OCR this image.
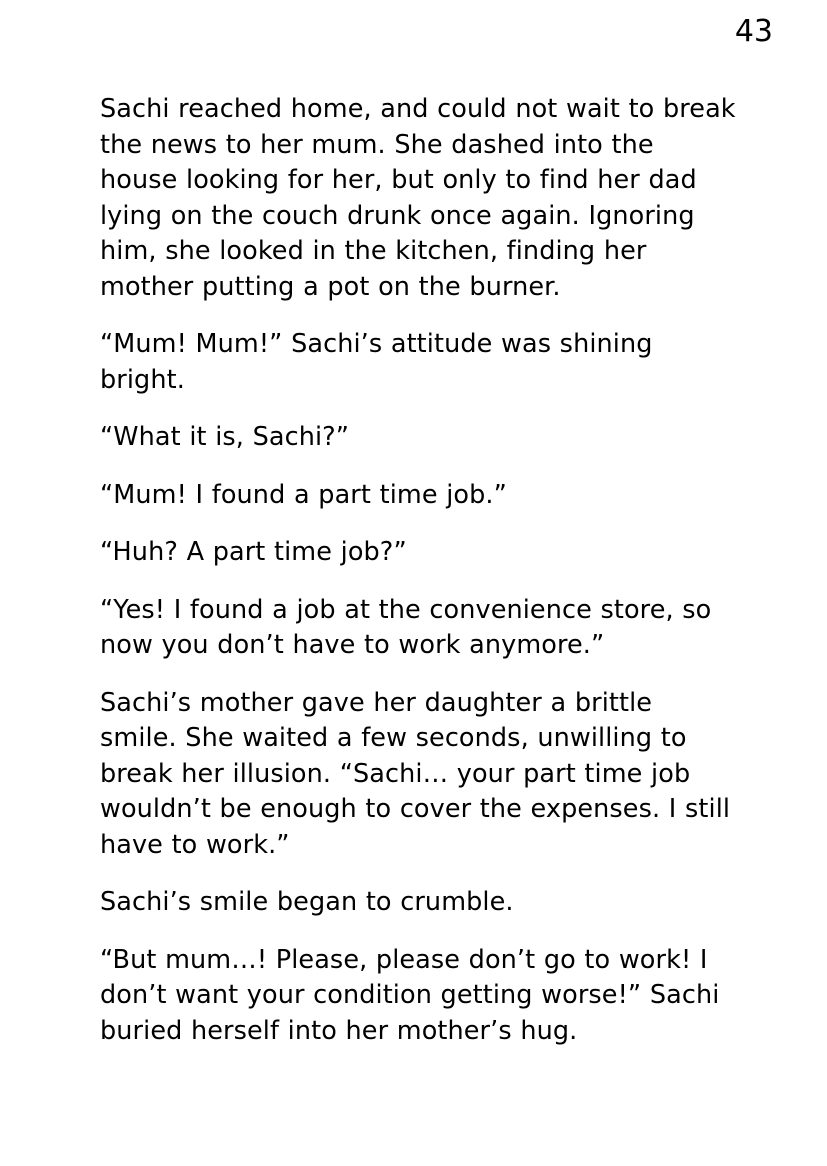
43

Sachi reached home, and could not wait to break the news to her mum. She dashed into the house looking for her, but only to find her dad lying on the couch drunk once again. Ignoring him, she looked in the kitchen, finding her mother putting a pot on the burner.

“Mum! Mum!” Sachi’s attitude was shining bright.

“What it is, Sachi?”

“Mum! I found a part time job.”

“Huh? A part time job?”

“Yes! I found a job at the convenience store, so now you don’t have to work anymore.”

Sachi’s mother gave her daughter a brittle smile. She waited a few seconds, unwilling to break her illusion. “Sachi… your part time job wouldn’t be enough to cover the expenses. I still have to work.”

Sachi’s smile began to crumble.

“But mum…! Please, please don’t go to work! I don’t want your condition getting worse!” Sachi buried herself into her mother’s hug.
